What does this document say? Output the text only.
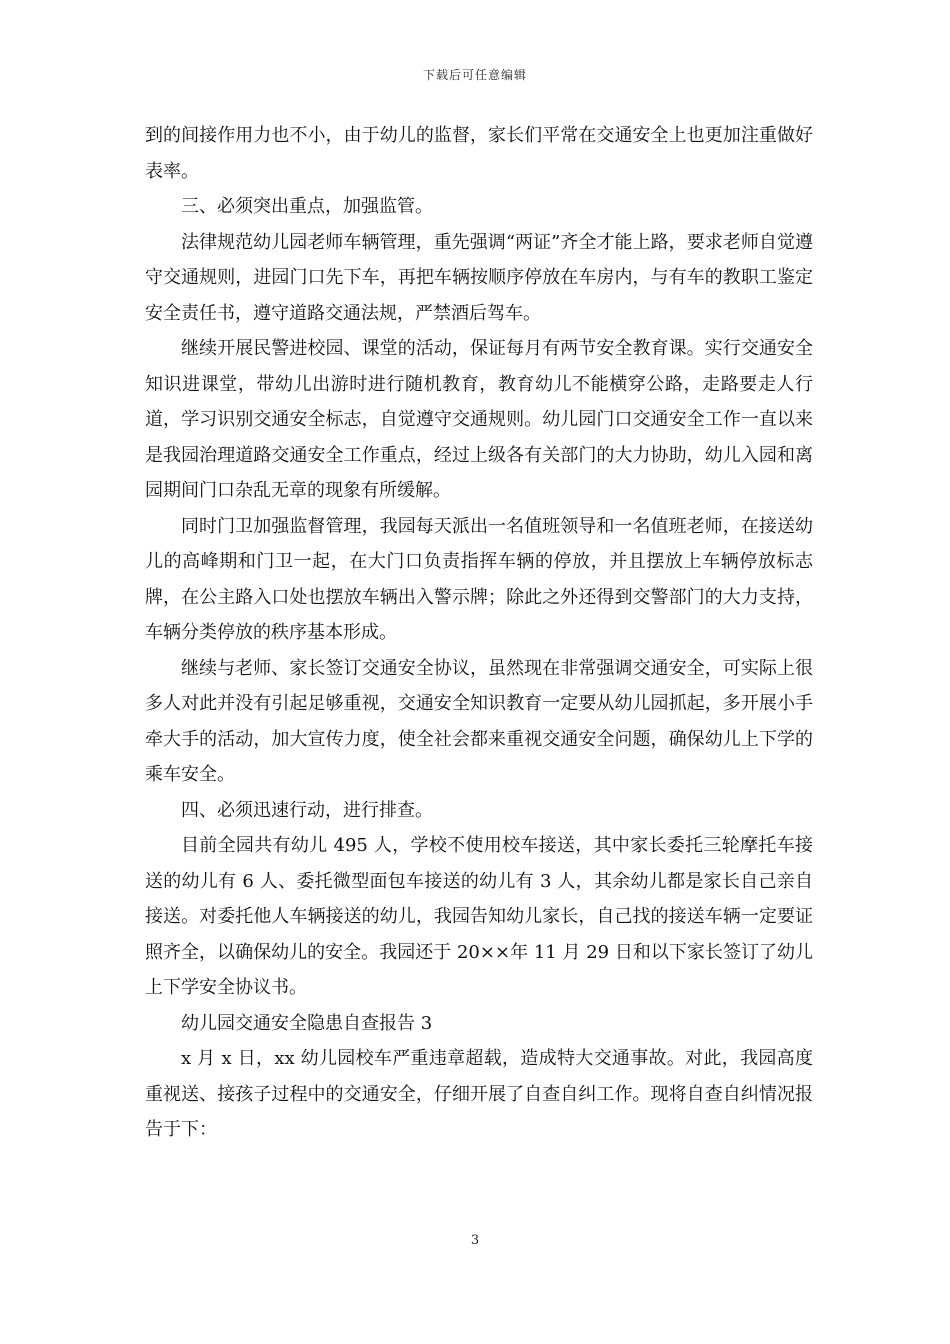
下载后可任意编辑

到的间接作用力也不小，由于幼儿的监督，家长们平常在交通安全上也更加注重做好表率。

三、必须突出重点，加强监管。

法律规范幼儿园老师车辆管理，重先强调“两证”齐全才能上路，要求老师自觉遵守交通规则，进园门口先下车，再把车辆按顺序停放在车房内，与有车的教职工鉴定安全责任书，遵守道路交通法规，严禁酒后驾车。

继续开展民警进校园、课堂的活动，保证每月有两节安全教育课。实行交通安全知识进课堂，带幼儿出游时进行随机教育，教育幼儿不能横穿公路，走路要走人行道，学习识别交通安全标志，自觉遵守交通规则。幼儿园门口交通安全工作一直以来是我园治理道路交通安全工作重点，经过上级各有关部门的大力协助，幼儿入园和离园期间门口杂乱无章的现象有所缓解。

同时门卫加强监督管理，我园每天派出一名值班领导和一名值班老师，在接送幼儿的高峰期和门卫一起，在大门口负责指挥车辆的停放，并且摆放上车辆停放标志牌，在公主路入口处也摆放车辆出入警示牌；除此之外还得到交警部门的大力支持，车辆分类停放的秩序基本形成。

继续与老师、家长签订交通安全协议，虽然现在非常强调交通安全，可实际上很多人对此并没有引起足够重视，交通安全知识教育一定要从幼儿园抓起，多开展小手牵大手的活动，加大宣传力度，使全社会都来重视交通安全问题，确保幼儿上下学的乘车安全。

四、必须迅速行动，进行排查。

目前全园共有幼儿 495 人，学校不使用校车接送，其中家长委托三轮摩托车接送的幼儿有 6 人、委托微型面包车接送的幼儿有 3 人，其余幼儿都是家长自己亲自接送。对委托他人车辆接送的幼儿，我园告知幼儿家长，自己找的接送车辆一定要证照齐全，以确保幼儿的安全。我园还于 20××年 11 月 29 日和以下家长签订了幼儿上下学安全协议书。

幼儿园交通安全隐患自查报告 3

x 月 x 日，xx 幼儿园校车严重违章超载，造成特大交通事故。对此，我园高度重视送、接孩子过程中的交通安全，仔细开展了自查自纠工作。现将自查自纠情况报告于下：

3
